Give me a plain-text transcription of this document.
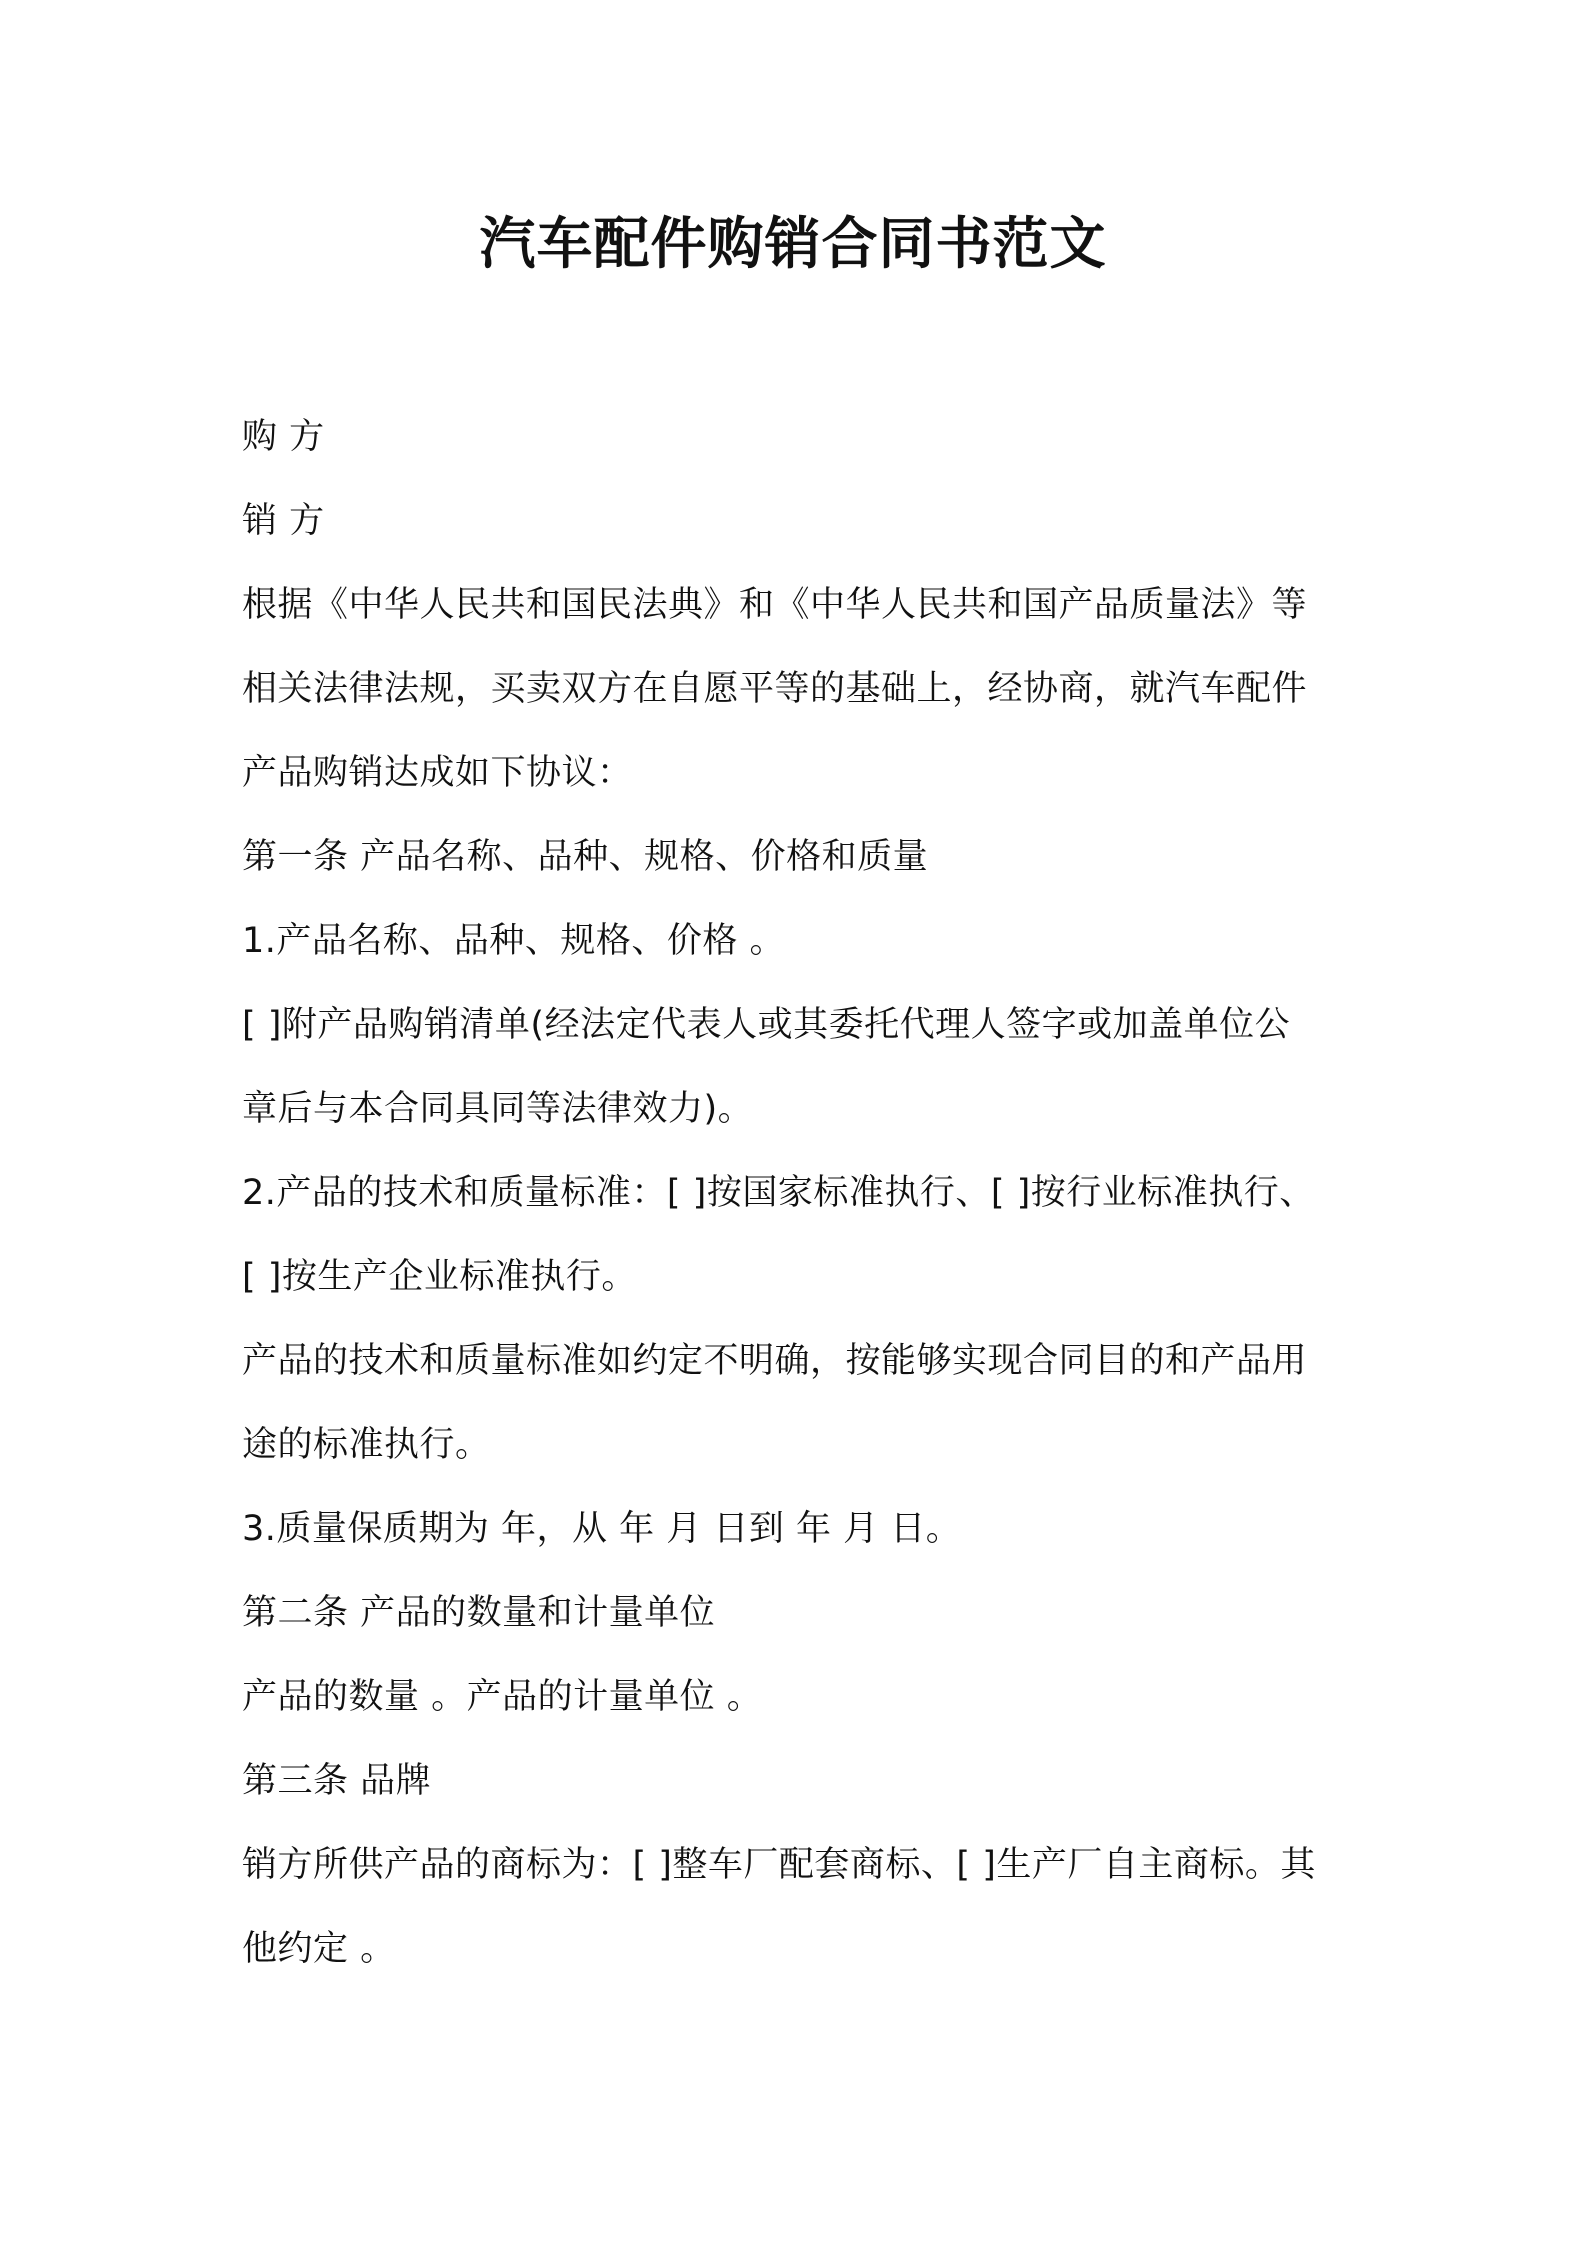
汽车配件购销合同书范文
购 方
销 方
根据《中华人民共和国民法典》和《中华人民共和国产品质量法》等
相关法律法规，买卖双方在自愿平等的基础上，经协商，就汽车配件
产品购销达成如下协议：
第一条 产品名称、品种、规格、价格和质量
1.产品名称、品种、规格、价格 。
[ ]附产品购销清单(经法定代表人或其委托代理人签字或加盖单位公
章后与本合同具同等法律效力)。
2.产品的技术和质量标准：[ ]按国家标准执行、[ ]按行业标准执行、
[ ]按生产企业标准执行。
产品的技术和质量标准如约定不明确，按能够实现合同目的和产品用
途的标准执行。
3.质量保质期为 年，从 年 月 日到 年 月 日。
第二条 产品的数量和计量单位
产品的数量 。产品的计量单位 。
第三条 品牌
销方所供产品的商标为：[ ]整车厂配套商标、[ ]生产厂自主商标。其
他约定 。
